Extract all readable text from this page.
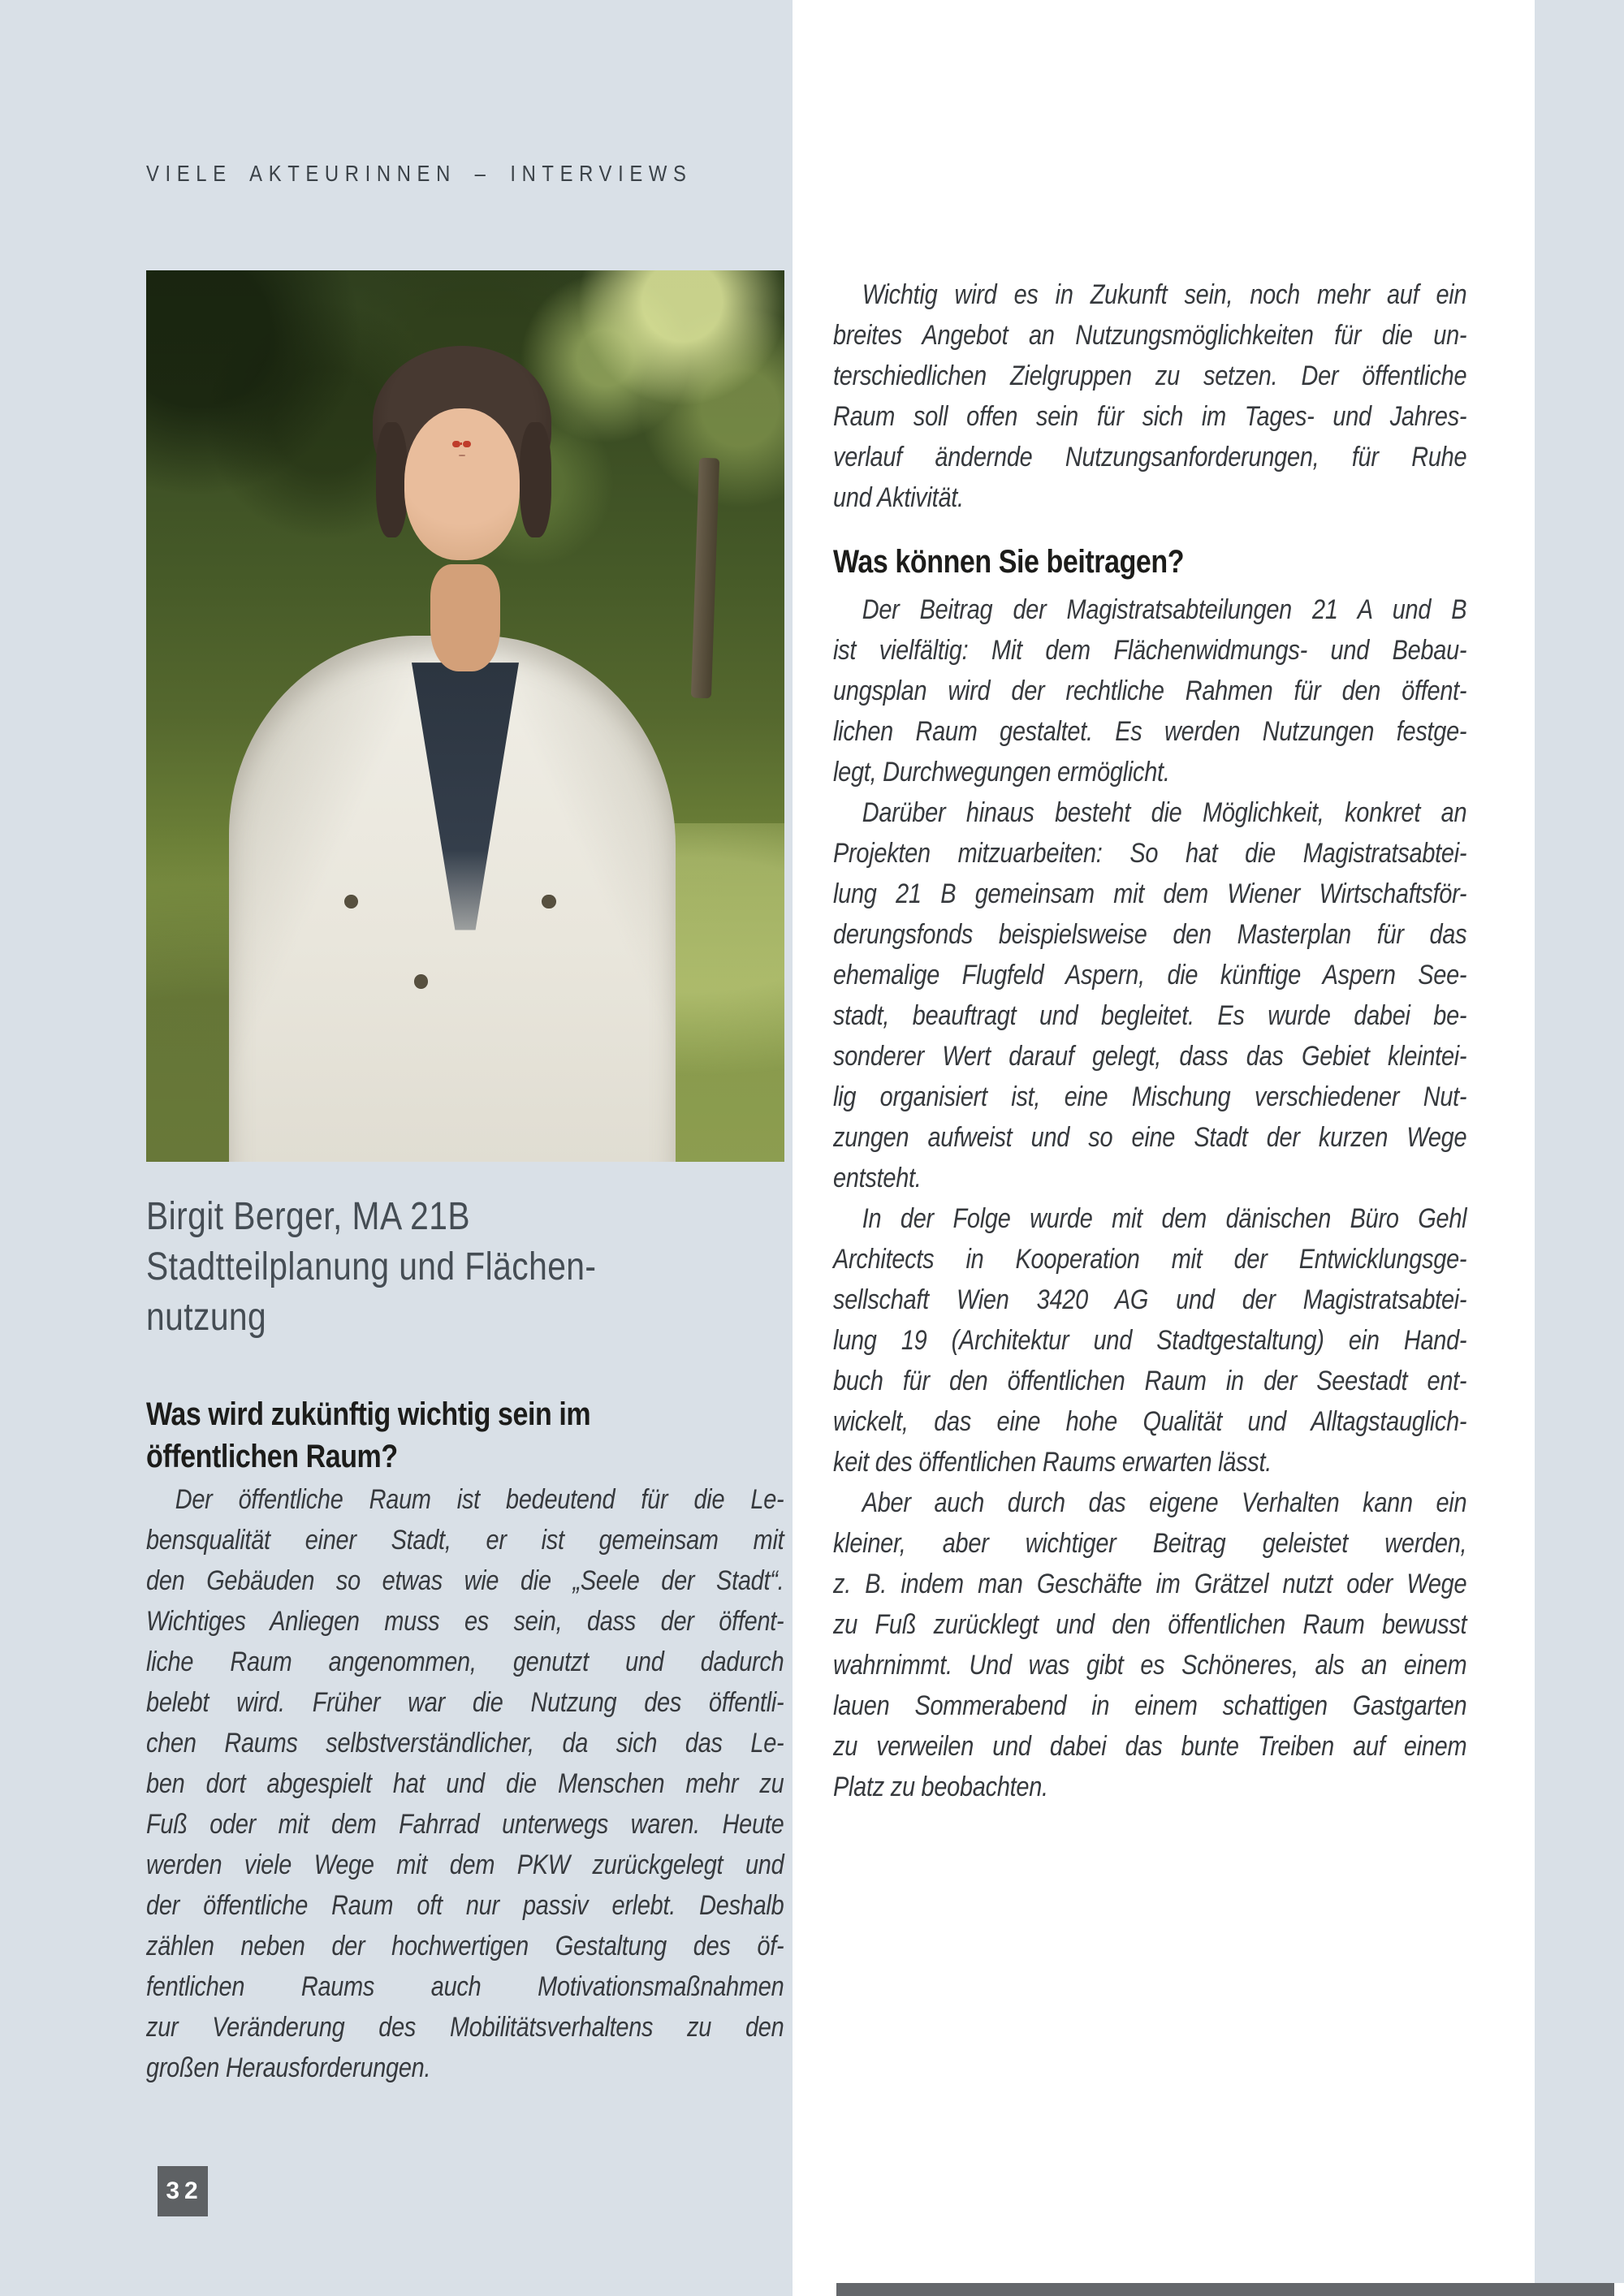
VIELE AKTEURINNEN – INTERVIEWS
Birgit Berger, MA 21B
Stadtteilplanung und Flächen-
nutzung
Was wird zukünftig wichtig sein im
öffentlichen Raum?
Der öffentliche Raum ist bedeutend für die Le-
bensqualität einer Stadt, er ist gemeinsam mit
den Gebäuden so etwas wie die „Seele der Stadt“.
Wichtiges Anliegen muss es sein, dass der öffent-
liche Raum angenommen, genutzt und dadurch
belebt wird. Früher war die Nutzung des öffentli-
chen Raums selbstverständlicher, da sich das Le-
ben dort abgespielt hat und die Menschen mehr zu
Fuß oder mit dem Fahrrad unterwegs waren. Heute
werden viele Wege mit dem PKW zurückgelegt und
der öffentliche Raum oft nur passiv erlebt. Deshalb
zählen neben der hochwertigen Gestaltung des öf-
fentlichen Raums auch Motivationsmaßnahmen
zur Veränderung des Mobilitätsverhaltens zu den
großen Herausforderungen.
Wichtig wird es in Zukunft sein, noch mehr auf ein
breites Angebot an Nutzungsmöglichkeiten für die un-
terschiedlichen Zielgruppen zu setzen. Der öffentliche
Raum soll offen sein für sich im Tages- und Jahres-
verlauf ändernde Nutzungsanforderungen, für Ruhe
und Aktivität.
Was können Sie beitragen?
Der Beitrag der Magistratsabteilungen 21 A und B
ist vielfältig: Mit dem Flächenwidmungs- und Bebau-
ungsplan wird der rechtliche Rahmen für den öffent-
lichen Raum gestaltet. Es werden Nutzungen festge-
legt, Durchwegungen ermöglicht.
Darüber hinaus besteht die Möglichkeit, konkret an
Projekten mitzuarbeiten: So hat die Magistratsabtei-
lung 21 B gemeinsam mit dem Wiener Wirtschaftsför-
derungsfonds beispielsweise den Masterplan für das
ehemalige Flugfeld Aspern, die künftige Aspern See-
stadt, beauftragt und begleitet. Es wurde dabei be-
sonderer Wert darauf gelegt, dass das Gebiet kleintei-
lig organisiert ist, eine Mischung verschiedener Nut-
zungen aufweist und so eine Stadt der kurzen Wege
entsteht.
In der Folge wurde mit dem dänischen Büro Gehl
Architects in Kooperation mit der Entwicklungsge-
sellschaft Wien 3420 AG und der Magistratsabtei-
lung 19 (Architektur und Stadtgestaltung) ein Hand-
buch für den öffentlichen Raum in der Seestadt ent-
wickelt, das eine hohe Qualität und Alltagstauglich-
keit des öffentlichen Raums erwarten lässt.
Aber auch durch das eigene Verhalten kann ein
kleiner, aber wichtiger Beitrag geleistet werden,
z. B. indem man Geschäfte im Grätzel nutzt oder Wege
zu Fuß zurücklegt und den öffentlichen Raum bewusst
wahrnimmt. Und was gibt es Schöneres, als an einem
lauen Sommerabend in einem schattigen Gastgarten
zu verweilen und dabei das bunte Treiben auf einem
Platz zu beobachten.
32
